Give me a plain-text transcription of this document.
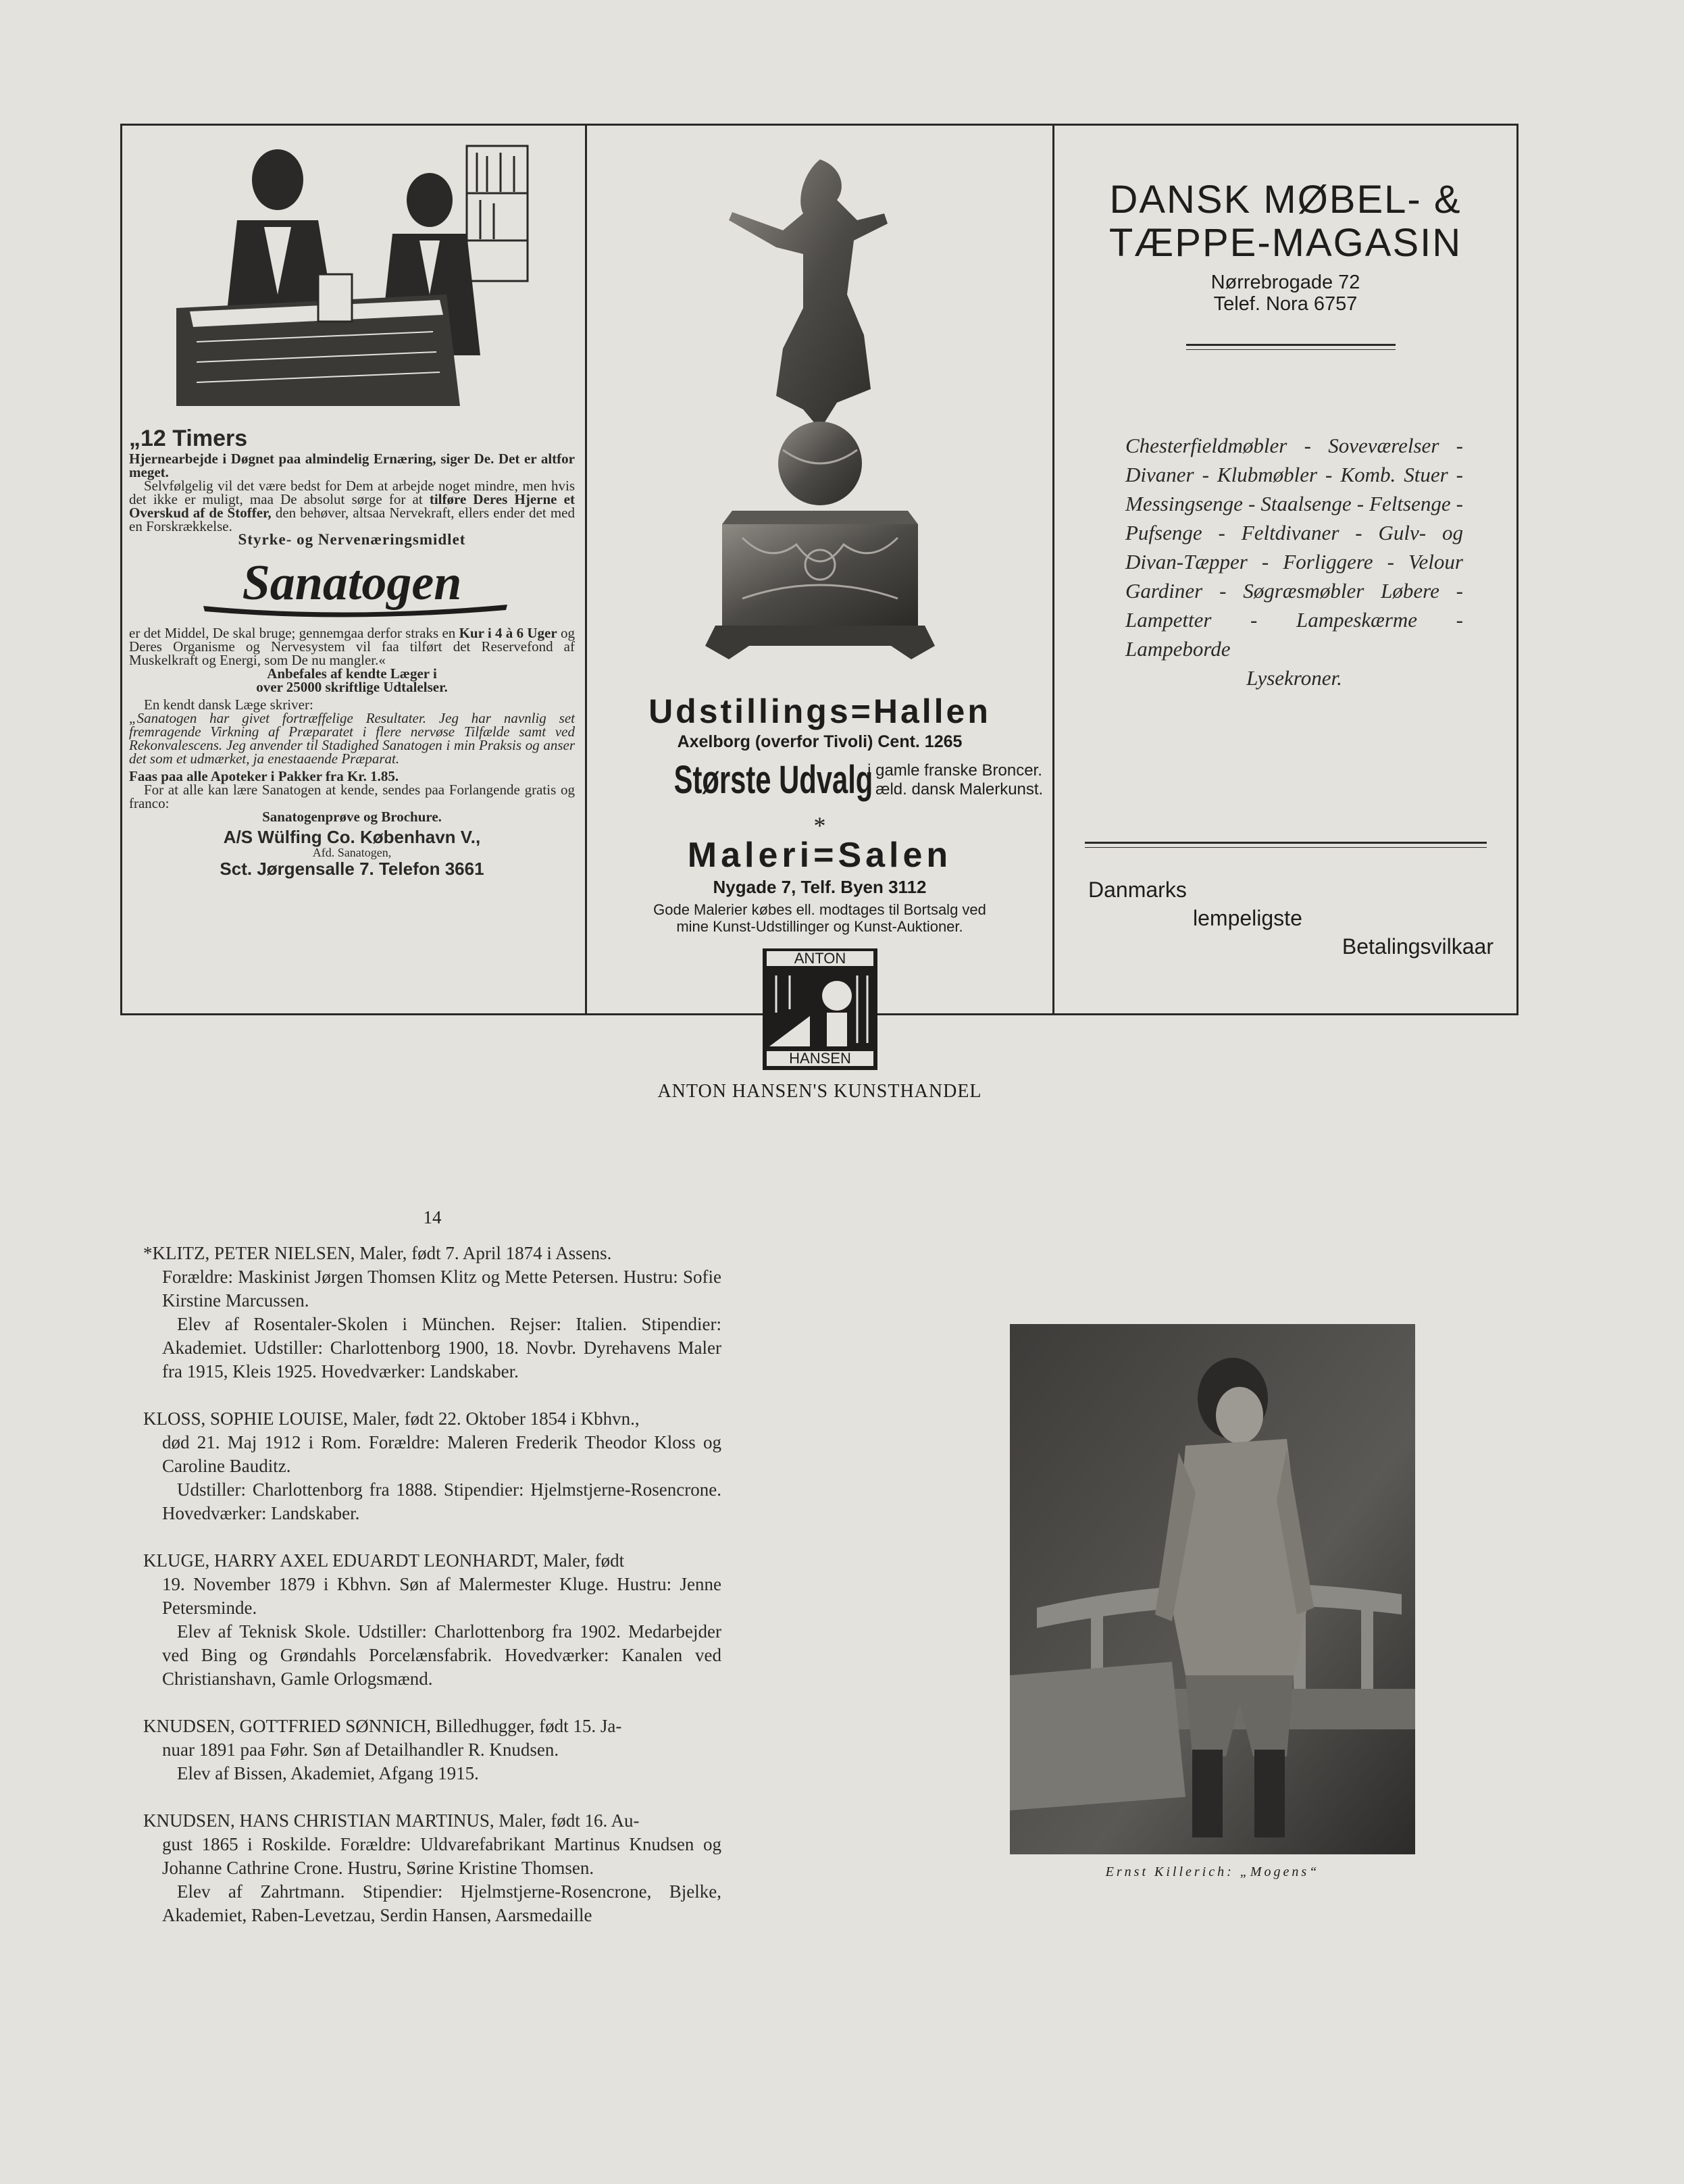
„12 Timers

Hjernearbejde i Døgnet paa almindelig Ernæring, siger De. Det er altfor meget.

Selvfølgelig vil det være bedst for Dem at arbejde noget mindre, men hvis det ikke er muligt, maa De absolut sørge for at tilføre Deres Hjerne et Overskud af de Stoffer, den behøver, altsaa Nervekraft, ellers ender det med en Forskrækkelse.

Styrke- og Nervenæringsmidlet

Sanatogen

er det Middel, De skal bruge; gennemgaa derfor straks en Kur i 4 à 6 Uger og Deres Organisme og Nervesystem vil faa tilført det Reservefond af Muskelkraft og Energi, som De nu mangler.«

Anbefales af kendte Læger i

over 25000 skriftlige Udtalelser.

En kendt dansk Læge skriver:

„Sanatogen har givet fortræffelige Resultater. Jeg har navnlig set fremragende Virkning af Præparatet i flere nervøse Tilfælde samt ved Rekonvalescens. Jeg anvender til Stadighed Sanatogen i min Praksis og anser det som et udmærket, ja enestaaende Præparat.

Faas paa alle Apoteker i Pakker fra Kr. 1.85.

For at alle kan lære Sanatogen at kende, sendes paa Forlangende gratis og franco:

Sanatogenprøve og Brochure.

A/S Wülfing Co. København V.,
Afd. Sanatogen,
Sct. Jørgensalle 7. Telefon 3661
Udstillings=Hallen
Axelborg (overfor Tivoli) Cent. 1265
Største Udvalg
i gamle franske Broncer.
i æld. dansk Malerkunst.
*
Maleri=Salen
Nygade 7, Telf. Byen 3112
Gode Malerier købes ell. modtages til Bortsalg ved
mine Kunst-Udstillinger og Kunst-Auktioner.
ANTON
HANSEN
ANTON HANSEN'S KUNSTHANDEL
DANSK MØBEL- &
TÆPPE-MAGASIN
Nørrebrogade 72
Telef. Nora 6757

Chesterfieldmøbler - Soveværelser - Divaner - Klubmøbler - Komb. Stuer - Messingsenge - Staalsenge - Feltsenge - Pufsenge - Feltdivaner - Gulv- og Divan-Tæpper - Forliggere - Velour Gardiner - Søgræsmøbler Løbere - Lampetter - Lampeskærme - Lampeborde

Lysekroner.

Danmarks
lempeligste
Betalingsvilkaar
14

*KLITZ, PETER NIELSEN, Maler, født 7. April 1874 i Assens.

Forældre: Maskinist Jørgen Thomsen Klitz og Mette Petersen. Hustru: Sofie Kirstine Marcussen.

Elev af Rosentaler-Skolen i München. Rejser: Italien. Stipendier: Akademiet. Udstiller: Charlottenborg 1900, 18. Novbr. Dyrehavens Maler fra 1915, Kleis 1925. Hovedværker: Landskaber.

KLOSS, SOPHIE LOUISE, Maler, født 22. Oktober 1854 i Kbhvn.,

død 21. Maj 1912 i Rom. Forældre: Maleren Frederik Theodor Kloss og Caroline Bauditz.

Udstiller: Charlottenborg fra 1888. Stipendier: Hjelmstjerne-Rosencrone. Hovedværker: Landskaber.

KLUGE, HARRY AXEL EDUARDT LEONHARDT, Maler, født

19. November 1879 i Kbhvn. Søn af Malermester Kluge. Hustru: Jenne Petersminde.

Elev af Teknisk Skole. Udstiller: Charlottenborg fra 1902. Medarbejder ved Bing og Grøndahls Porcelænsfabrik. Hovedværker: Kanalen ved Christianshavn, Gamle Orlogsmænd.

KNUDSEN, GOTTFRIED SØNNICH, Billedhugger, født 15. Ja-

nuar 1891 paa Føhr. Søn af Detailhandler R. Knudsen.

Elev af Bissen, Akademiet, Afgang 1915.

KNUDSEN, HANS CHRISTIAN MARTINUS, Maler, født 16. Au-

gust 1865 i Roskilde. Forældre: Uldvarefabrikant Martinus Knudsen og Johanne Cathrine Crone. Hustru, Sørine Kristine Thomsen.

Elev af Zahrtmann. Stipendier: Hjelmstjerne-Rosencrone, Bjelke, Akademiet, Raben-Levetzau, Serdin Hansen, Aarsmedaille

Ernst Killerich: „Mogens“
